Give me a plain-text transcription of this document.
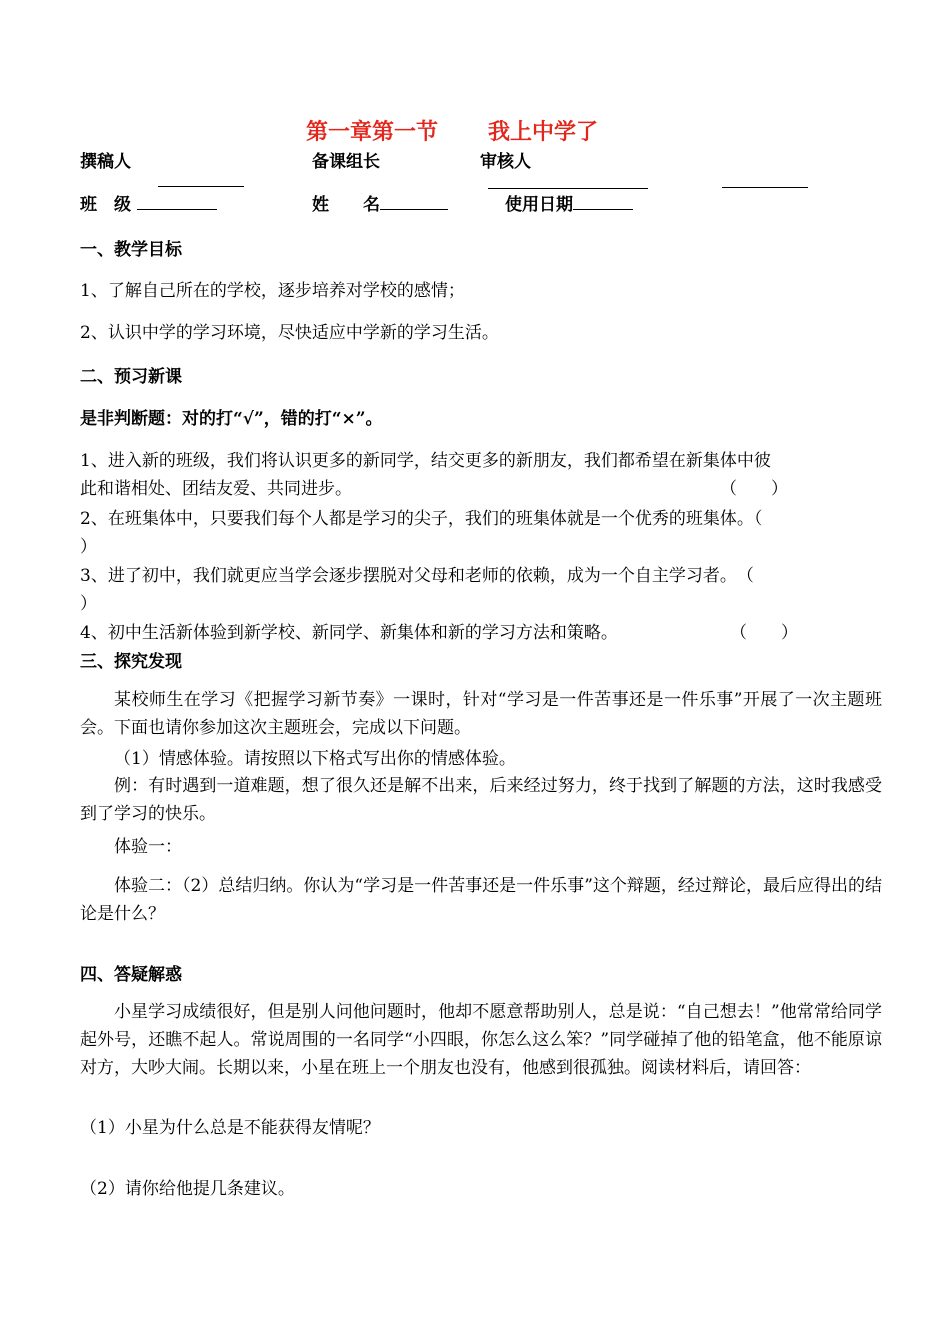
第一章第一节 我上中学了
撰稿人	备课组长	审核人
班　级	姓　　名	使用日期
一、教学目标
1、了解自己所在的学校，逐步培养对学校的感情；
2、认识中学的学习环境，尽快适应中学新的学习生活。
二、预习新课
是非判断题：对的打“√”，错的打“×”。
1、进入新的班级，我们将认识更多的新同学，结交更多的新朋友，我们都希望在新集体中彼
此和谐相处、团结友爱、共同进步。	（　　）
2、在班集体中，只要我们每个人都是学习的尖子，我们的班集体就是一个优秀的班集体。（
）
3、进了初中，我们就更应当学会逐步摆脱对父母和老师的依赖，成为一个自主学习者。　（
）
4、初中生活新体验到新学校、新同学、新集体和新的学习方法和策略。	（　　）
三、探究发现
某校师生在学习《把握学习新节奏》一课时，针对“学习是一件苦事还是一件乐事”开展了一次主题班会。下面也请你参加这次主题班会，完成以下问题。
（1）情感体验。请按照以下格式写出你的情感体验。
例：有时遇到一道难题，想了很久还是解不出来，后来经过努力，终于找到了解题的方法，这时我感受到了学习的快乐。
体验一：
体验二：（2）总结归纳。你认为“学习是一件苦事还是一件乐事”这个辩题，经过辩论，最后应得出的结论是什么？
四、答疑解惑
小星学习成绩很好，但是别人问他问题时，他却不愿意帮助别人，总是说：“自己想去！”他常常给同学起外号，还瞧不起人。常说周围的一名同学“小四眼，你怎么这么笨？”同学碰掉了他的铅笔盒，他不能原谅对方，大吵大闹。长期以来，小星在班上一个朋友也没有，他感到很孤独。阅读材料后，请回答：
（1）小星为什么总是不能获得友情呢？
（2）请你给他提几条建议。
